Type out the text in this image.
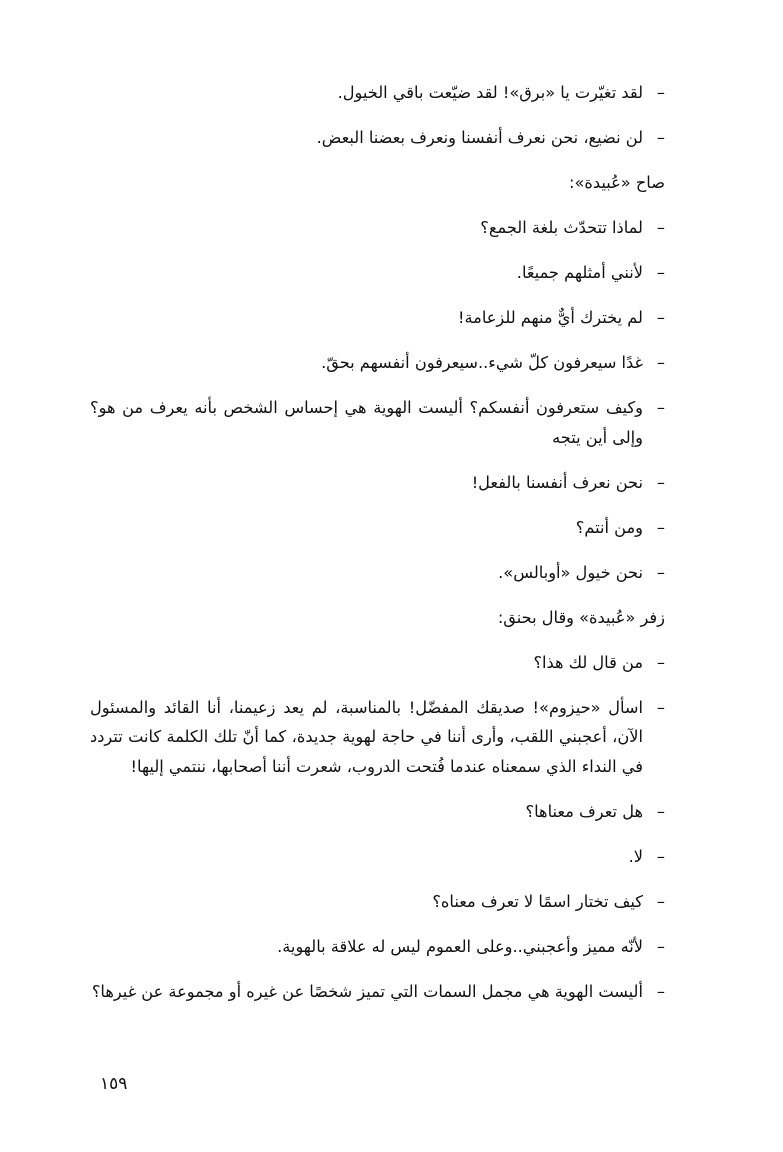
–
لقد تغيّرت يا «برق»! لقد ضيّعت باقي الخيول.

–
لن نضيع، نحن نعرف أنفسنا ونعرف بعضنا البعض.

صاح «عُبيدة»:

–
لماذا تتحدّث بلغة الجمع؟

–
لأنني أمثلهم جميعًا.

–
لم يخترك أيٌّ منهم للزعامة!

–
غدًا سيعرفون كلّ شيء..سيعرفون أنفسهم بحقّ.

–
وكيف ستعرفون أنفسكم؟ أليست الهوية هي إحساس الشخص بأنه يعرف من هو؟ وإلى أين يتجه

–
نحن نعرف أنفسنا بالفعل!

–
ومن أنتم؟

–
نحن خيول «أوبالس».

زفر «عُبيدة» وقال بحنق:

–
من قال لك هذا؟

–
اسأل «حيزوم»! صديقك المفضّل! بالمناسبة، لم يعد زعيمنا، أنا القائد والمسئول الآن، أعجبني اللقب، وأرى أننا في حاجة لهوية جديدة، كما أنّ تلك الكلمة كانت تتردد في النداء الذي سمعناه عندما فُتحت الدروب، شعرت أننا أصحابها، ننتمي إليها!

–
هل تعرف معناها؟

–
لا.

–
كيف تختار اسمًا لا تعرف معناه؟

–
لأنّه مميز وأعجبني..وعلى العموم ليس له علاقة بالهوية.

–
أليست الهوية هي مجمل السمات التي تميز شخصًا عن غيره أو مجموعة عن غيرها؟

١٥٩
